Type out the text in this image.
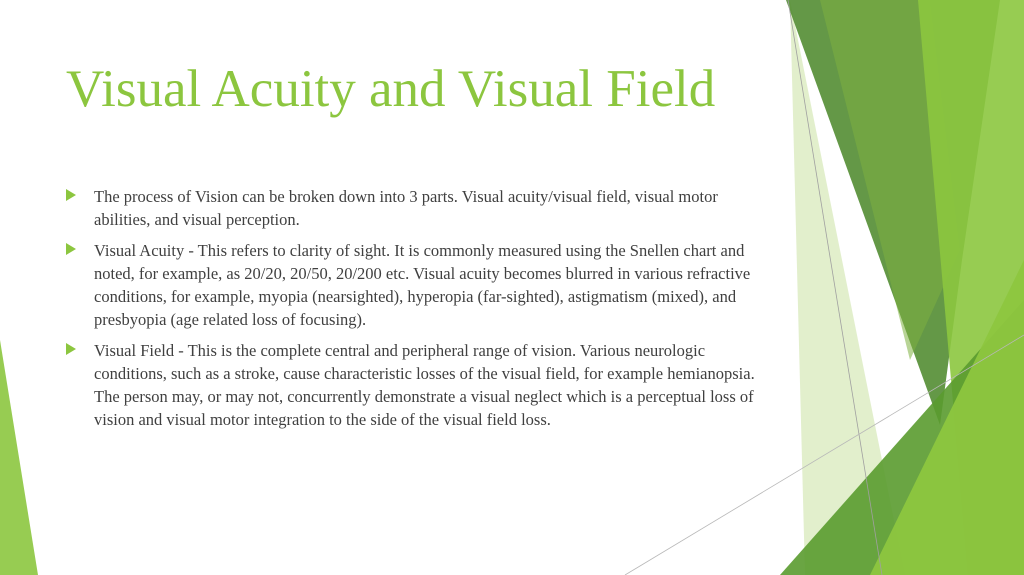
Visual Acuity and Visual Field
The process of Vision can be broken down into 3 parts. Visual acuity/visual field, visual motor abilities, and visual perception.
Visual Acuity - This refers to clarity of sight. It is commonly measured using the Snellen chart and noted, for example, as 20/20, 20/50, 20/200 etc. Visual acuity becomes blurred in various refractive conditions, for example, myopia (nearsighted), hyperopia (far-sighted), astigmatism (mixed), and presbyopia (age related loss of focusing).
Visual Field - This is the complete central and peripheral range of vision. Various neurologic conditions, such as a stroke, cause characteristic losses of the visual field, for example hemianopsia. The person may, or may not, concurrently demonstrate a visual neglect which is a perceptual loss of vision and visual motor integration to the side of the visual field loss.
